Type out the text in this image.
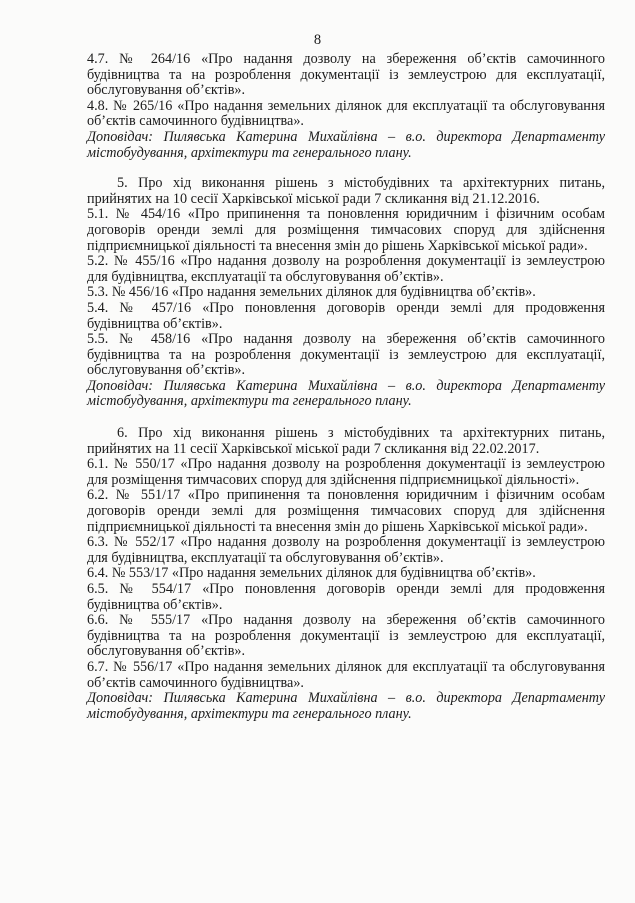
8

4.7. № 264/16 «Про надання дозволу на збереження об’єктів самочинного будівництва та на розроблення документації із землеустрою для експлуатації, обслуговування об’єктів».

4.8. № 265/16 «Про надання земельних ділянок для експлуатації та обслуговування об’єктів самочинного будівництва».

Доповідач: Пилявська Катерина Михайлівна – в.о. директора Департаменту містобудування, архітектури та генерального плану.

5. Про хід виконання рішень з містобудівних та архітектурних питань, прийнятих на 10 сесії Харківської міської ради 7 скликання від 21.12.2016.

5.1. № 454/16 «Про припинення та поновлення юридичним і фізичним особам договорів оренди землі для розміщення тимчасових споруд для здійснення підприємницької діяльності та внесення змін до рішень Харківської міської ради».

5.2. № 455/16 «Про надання дозволу на розроблення документації із землеустрою для будівництва, експлуатації та обслуговування об’єктів».

5.3. № 456/16 «Про надання земельних ділянок для будівництва об’єктів».

5.4. № 457/16 «Про поновлення договорів оренди землі для продовження будівництва об’єктів».

5.5. № 458/16 «Про надання дозволу на збереження об’єктів самочинного будівництва та на розроблення документації із землеустрою для експлуатації, обслуговування об’єктів».

Доповідач: Пилявська Катерина Михайлівна – в.о. директора Департаменту містобудування, архітектури та генерального плану.

6. Про хід виконання рішень з містобудівних та архітектурних питань, прийнятих на 11 сесії Харківської міської ради 7 скликання від 22.02.2017.

6.1. № 550/17 «Про надання дозволу на розроблення документації із землеустрою для розміщення тимчасових споруд для здійснення підприємницької діяльності».

6.2. № 551/17 «Про припинення та поновлення юридичним і фізичним особам договорів оренди землі для розміщення тимчасових споруд для здійснення підприємницької діяльності та внесення змін до рішень Харківської міської ради».

6.3. № 552/17 «Про надання дозволу на розроблення документації із землеустрою для будівництва, експлуатації та обслуговування об’єктів».

6.4. № 553/17 «Про надання земельних ділянок для будівництва об’єктів».

6.5. № 554/17 «Про поновлення договорів оренди землі для продовження будівництва об’єктів».

6.6. № 555/17 «Про надання дозволу на збереження об’єктів самочинного будівництва та на розроблення документації із землеустрою для експлуатації, обслуговування об’єктів».

6.7. № 556/17 «Про надання земельних ділянок для експлуатації та обслуговування об’єктів самочинного будівництва».

Доповідач: Пилявська Катерина Михайлівна – в.о. директора Департаменту містобудування, архітектури та генерального плану.
